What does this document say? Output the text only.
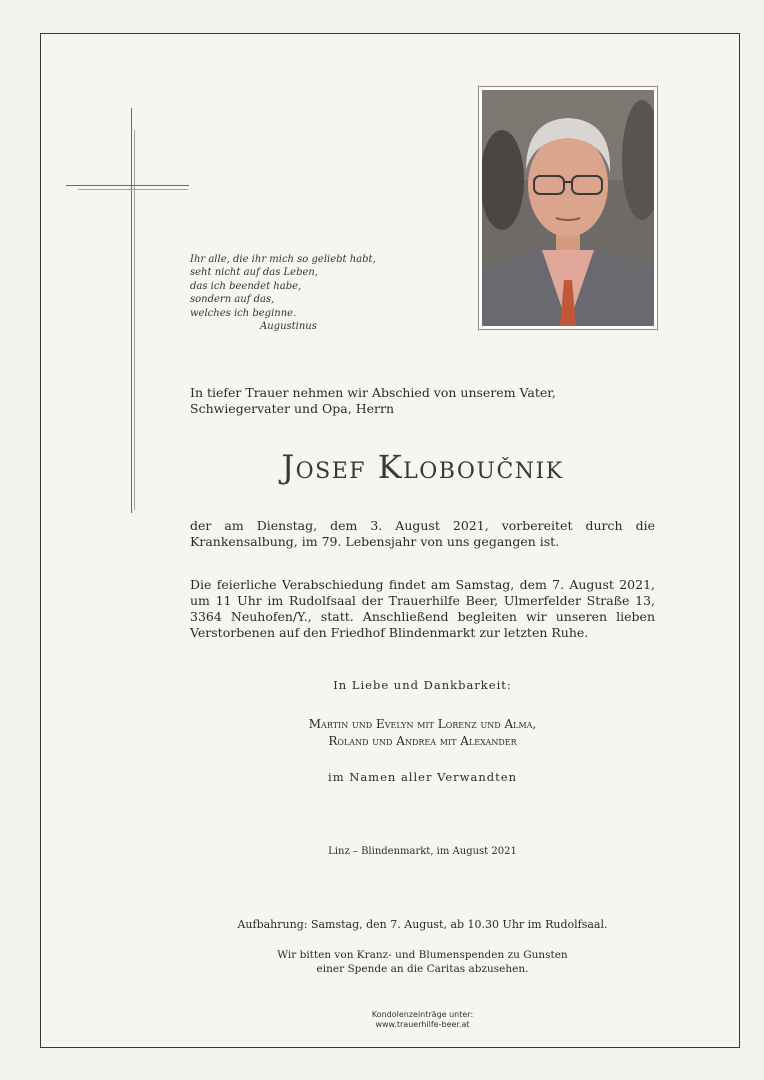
Ihr alle, die ihr mich so geliebt habt,
seht nicht auf das Leben,
das ich beendet habe,
sondern auf das,
welches ich beginne.

Augustinus
In tiefer Trauer nehmen wir Abschied von unserem Vater, Schwiegervater und Opa, Herrn
Josef Kloboučnik
der am Dienstag, dem 3. August 2021, vorbereitet durch die Krankensalbung, im 79. Lebensjahr von uns gegangen ist.
Die feierliche Verabschiedung findet am Samstag, dem 7. August 2021, um 11 Uhr im Rudolfsaal der Trauerhilfe Beer, Ulmerfelder Straße 13, 3364 Neuhofen/Y., statt. Anschließend begleiten wir unseren lieben Verstorbenen auf den Friedhof Blindenmarkt zur letzten Ruhe.
In Liebe und Dankbarkeit:
Martin und Evelyn mit Lorenz und Alma,
Roland und Andrea mit Alexander
im Namen aller Verwandten
Linz – Blindenmarkt, im August 2021
Aufbahrung: Samstag, den 7. August, ab 10.30 Uhr im Rudolfsaal.
Wir bitten von Kranz- und Blumenspenden zu Gunsten
einer Spende an die Caritas abzusehen.
Kondolenzeinträge unter:
www.trauerhilfe-beer.at
